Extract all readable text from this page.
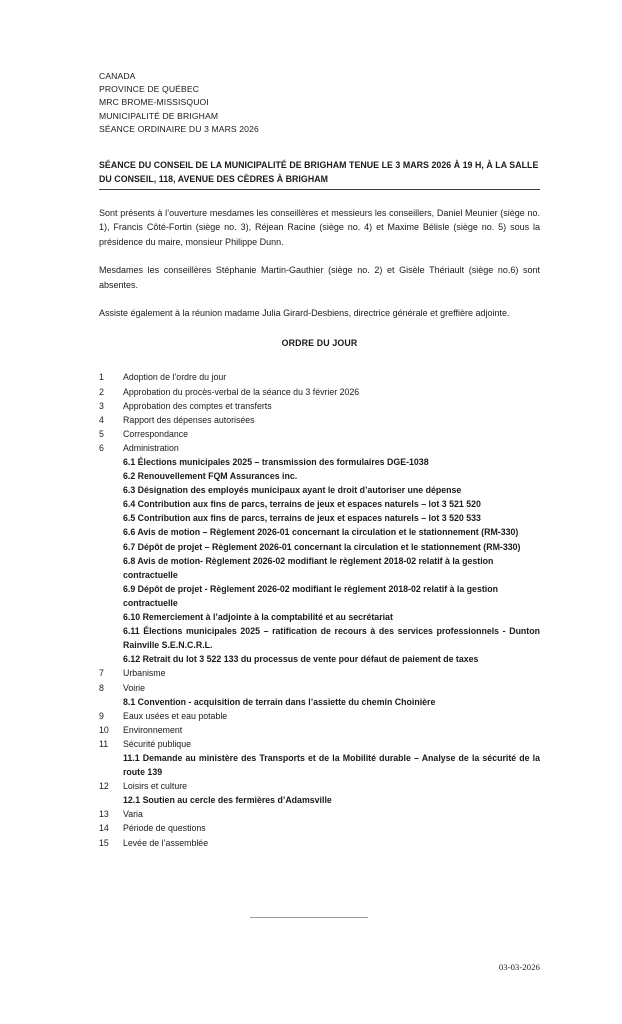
CANADA
PROVINCE DE QUÉBEC
MRC BROME-MISSISQUOI
MUNICIPALITÉ DE BRIGHAM
SÉANCE ORDINAIRE DU 3 MARS 2026
SÉANCE DU CONSEIL DE LA MUNICIPALITÉ DE BRIGHAM TENUE LE 3 MARS 2026 À 19 H, À LA SALLE DU CONSEIL, 118, AVENUE DES CÈDRES À BRIGHAM
Sont présents à l’ouverture mesdames les conseillères et messieurs les conseillers, Daniel Meunier (siège no. 1), Francis Côté-Fortin (siège no. 3), Réjean Racine (siège no. 4) et Maxime Bélisle (siège no. 5) sous la présidence du maire, monsieur Philippe Dunn.
Mesdames les conseillères Stéphanie Martin-Gauthier (siège no. 2) et Gisèle Thériault (siège no.6) sont absentes.
Assiste également à la réunion madame Julia Girard-Desbiens, directrice générale et greffière adjointe.
ORDRE DU JOUR
1	Adoption de l’ordre du jour
2	Approbation du procès-verbal de la séance du 3 février 2026
3	Approbation des comptes et transferts
4	Rapport des dépenses autorisées
5	Correspondance
6	Administration
6.1 Élections municipales 2025 – transmission des formulaires DGE-1038
6.2 Renouvellement FQM Assurances inc.
6.3 Désignation des employés municipaux ayant le droit d’autoriser une dépense
6.4 Contribution aux fins de parcs, terrains de jeux et espaces naturels – lot 3 521 520
6.5 Contribution aux fins de parcs, terrains de jeux et espaces naturels – lot 3 520 533
6.6 Avis de motion – Règlement 2026-01 concernant la circulation et le stationnement (RM-330)
6.7 Dépôt de projet – Règlement 2026-01 concernant la circulation et le stationnement (RM-330)
6.8 Avis de motion- Règlement 2026-02 modifiant le règlement 2018-02 relatif à la gestion contractuelle
6.9 Dépôt de projet - Règlement 2026-02 modifiant le règlement 2018-02 relatif à la gestion contractuelle
6.10 Remerciement à l’adjointe à la comptabilité et au secrétariat
6.11 Élections municipales 2025 – ratification de recours à des services professionnels - Dunton Rainville S.E.N.C.R.L.
6.12 Retrait du lot 3 522 133 du processus de vente pour défaut de paiement de taxes
7	Urbanisme
8	Voirie
8.1 Convention - acquisition de terrain dans l’assiette du chemin Choinière
9	Eaux usées et eau potable
10	Environnement
11	Sécurité publique
11.1 Demande au ministère des Transports et de la Mobilité durable – Analyse de la sécurité de la route 139
12	Loisirs et culture
12.1 Soutien au cercle des fermières d’Adamsville
13	Varia
14	Période de questions
15	Levée de l’assemblée
03-03-2026
